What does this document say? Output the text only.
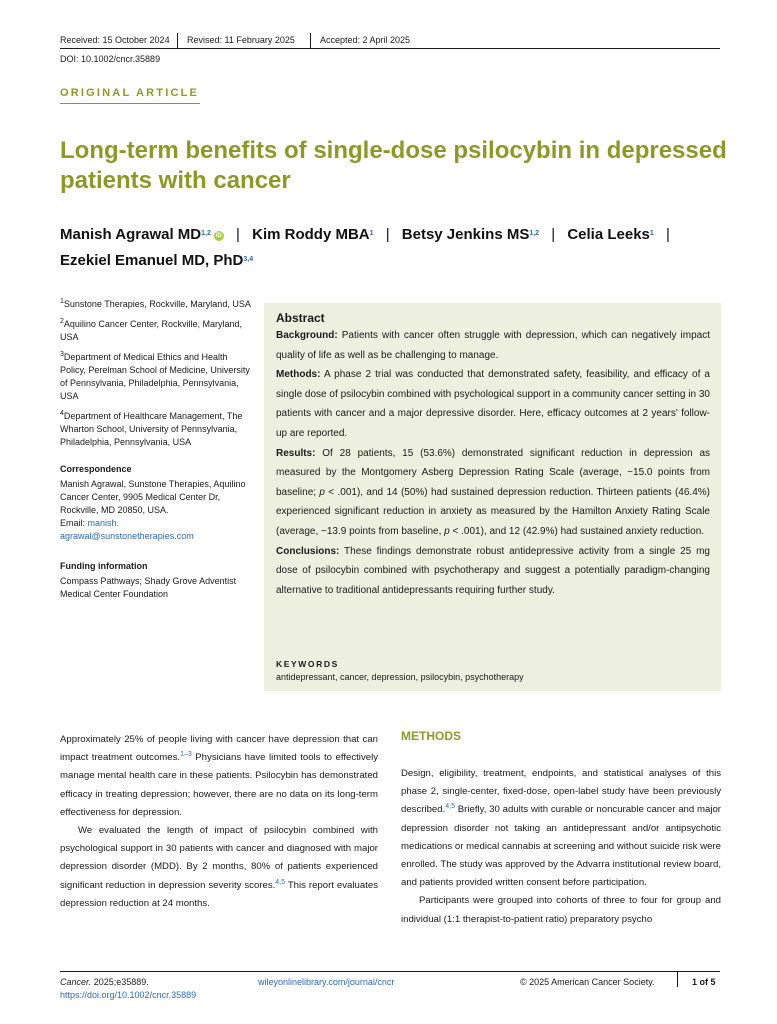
Received: 15 October 2024 Revised: 11 February 2025	Accepted: 2 April 2025
DOI: 10.1002/cncr.35889
ORIGINAL ARTICLE
Long-term benefits of single-dose psilocybin in depressed patients with cancer
Manish Agrawal MD$^{1,2}$ iD | Kim Roddy MBA$^1$ | Betsy Jenkins MS$^{1,2}$ | Celia Leeks$^1$ |
Ezekiel Emanuel MD, PhD$^{3,4}$
$^1$Sunstone Therapies, Rockville, Maryland, USA
$^2$Aquilino Cancer Center, Rockville, Maryland, USA
$^3$Department of Medical Ethics and Health Policy, Perelman School of Medicine, University of Pennsylvania, Philadelphia, Pennsylvania, USA
$^4$Department of Healthcare Management, The Wharton School, University of Pennsylvania, Philadelphia, Pennsylvania, USA
Correspondence
Manish Agrawal, Sunstone Therapies, Aquilino Cancer Center, 9905 Medical Center Dr, Rockville, MD 20850, USA.
Email: manish.
agrawal@sunstonetherapies.com
Funding information
Compass Pathways; Shady Grove Adventist Medical Center Foundation
Abstract

Background: Patients with cancer often struggle with depression, which can negatively impact quality of life as well as be challenging to manage.

Methods: A phase 2 trial was conducted that demonstrated safety, feasibility, and efficacy of a single dose of psilocybin combined with psychological support in a community cancer setting in 30 patients with cancer and a major depressive disorder. Here, efficacy outcomes at 2 years' follow-up are reported.

Results: Of 28 patients, 15 (53.6%) demonstrated significant reduction in depression as measured by the Montgomery Asberg Depression Rating Scale (average, −15.0 points from baseline; p < .001), and 14 (50%) had sustained depression reduction. Thirteen patients (46.4%) experienced significant reduction in anxiety as measured by the Hamilton Anxiety Rating Scale (average, −13.9 points from baseline, p < .001), and 12 (42.9%) had sustained anxiety reduction.

Conclusions: These findings demonstrate robust antidepressive activity from a single 25 mg dose of psilocybin combined with psychotherapy and suggest a potentially paradigm-changing alternative to traditional antidepressants requiring further study.

KEYWORDS
antidepressant, cancer, depression, psilocybin, psychotherapy

Approximately 25% of people living with cancer have depression that can impact treatment outcomes.$^{1-3}$ Physicians have limited tools to effectively manage mental health care in these patients. Psilocybin has demonstrated efficacy in treating depression; however, there are no data on its long-term effectiveness for depression.

We evaluated the length of impact of psilocybin combined with psychological support in 30 patients with cancer and diagnosed with major depression disorder (MDD). By 2 months, 80% of patients experienced significant reduction in depression severity scores.$^{4,5}$ This report evaluates depression reduction at 24 months.

METHODS

Design, eligibility, treatment, endpoints, and statistical analyses of this phase 2, single-center, fixed-dose, open-label study have been previously described.$^{4,5}$ Briefly, 30 adults with curable or noncurable cancer and major depression disorder not taking an antidepressant and/or antipsychotic medications or medical cannabis at screening and without suicide risk were enrolled. The study was approved by the Advarra institutional review board, and patients provided written consent before participation.

Participants were grouped into cohorts of three to four for group and individual (1:1 therapist-to-patient ratio) preparatory psycho

Cancer. 2025;e35889.
https://doi.org/10.1002/cncr.35889
wileyonlinelibrary.com/journal/cncr	© 2025 American Cancer Society.	1 of 5
